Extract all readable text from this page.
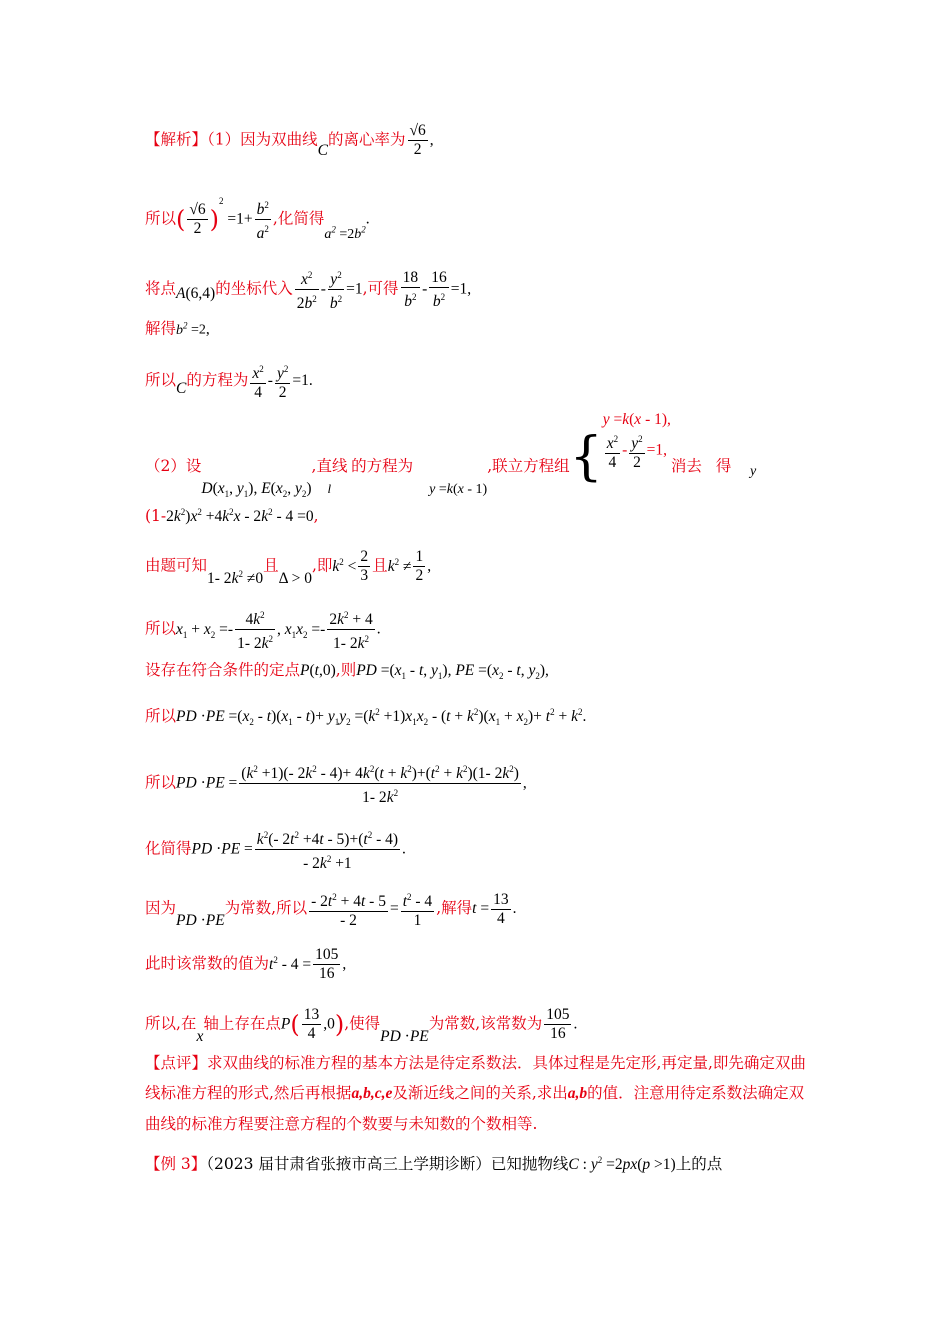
【解析】（1）因为双曲线C的离心率为 $\frac{√6}{2}$ ,
所以( $\frac{√6}{2} )^2 =1+ \frac{b^2}{a^2}$ ,化简得$a^2 =2b^2$.
将点A(6,4)的坐标代入 $\frac{x^2}{2b^2} - \frac{y^2}{b^2} =1$,可得 $\frac{18}{b^2} - \frac{16}{b^2} =1$,
解得$b^2 =2$,
所以C的方程为 $\frac{x^2}{4} - \frac{y^2}{2} =1$.
（2）设$D(x_1$, $y_1$), $E(x_2$, $y_2$),直线$_l$的方程为y =k(x - 1),联立方程组{
y =k(x - 1),
$\frac{x^2}{4} - \frac{y^2}{2} =1$,
消去 得 y
$(1-2k^2)x^2 +4k^2x - 2k^2 - 4 =0$,
由题可知1- $2k^2 \ne 0$且Δ > 0,即$k^2 < \frac{2}{3}$ 且$k^2 \ne \frac{1}{2}$ ,
所以$x_1 + x_2 =- \frac{4k^2}{1- 2k^2}$ , $x_1x_2 =- \frac{2k^2 + 4}{1- 2k^2}$ .
设存在符合条件的定点P(t,0),则PD $=(x_1 - t$, $y_1$), PE $=(x_2 - t$, $y_2$),
所以PD $\cdot PE =(x_2 - t)(x_1 - t)+ y_1y_2 =(k^2 +1)x_1x_2 - (t + k^2)(x_1 + x_2)+ t^2 + k^2$.
所以PD $\cdot PE = \frac{(k^2 +1)(- 2k^2 - 4)+ 4k^2(t + k^2)+(t^2 + k^2)(1- 2k^2)}{1- 2k^2}$ ,
化简得PD $\cdot PE = \frac{k^2(- 2t^2 +4t - 5)+(t^2 - 4)}{- 2k^2 +1}$ .
因为PD ·PE为常数,所以 $\frac{- 2t^2 + 4t - 5}{- 2} = \frac{t^2 - 4}{1}$ ,解得$t = \frac{13}{4}$ .
此时该常数的值为$t^2 - 4 = \frac{105}{16}$ ,
所以,在x轴上存在点$P( \frac{13}{4} ,0)$,使得PD ·PE为常数,该常数为 $\frac{105}{16}$ .
【点评】求双曲线的标准方程的基本方法是待定系数法．具体过程是先定形,再定量,即先确定双曲线标准方程的形式,然后再根据a,b,c,e及渐近线之间的关系,求出a,b的值．注意用待定系数法确定双曲线的标准方程要注意方程的个数要与未知数的个数相等.
【例 3】（2023 届甘肃省张掖市高三上学期诊断）已知抛物线C : $y^2 =2px(p >1)$上的点
